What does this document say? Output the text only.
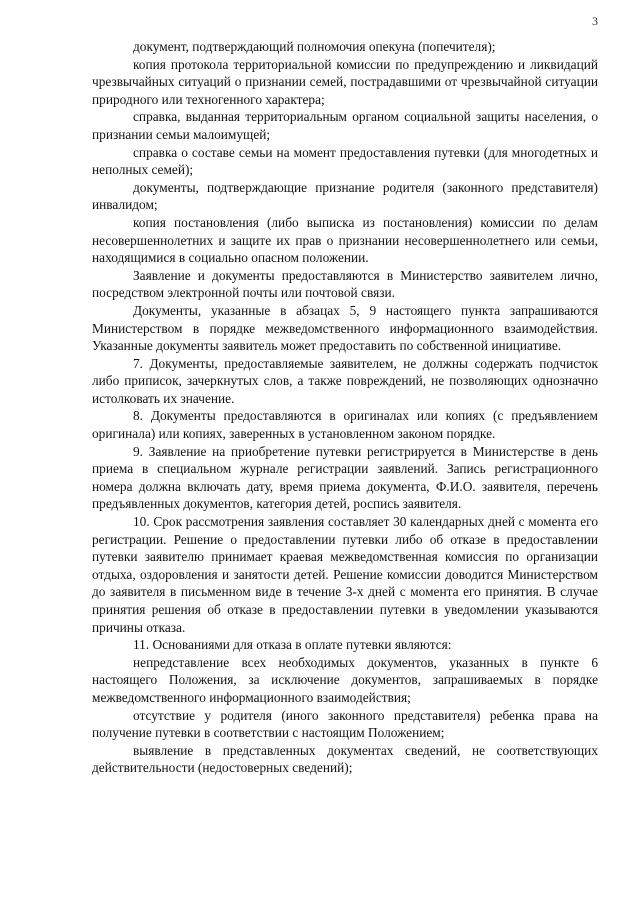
3

документ, подтверждающий полномочия опекуна (попечителя);

копия протокола территориальной комиссии по предупреждению и ликвидаций чрезвычайных ситуаций о признании семей, пострадавшими от чрезвычайной ситуации природного или техногенного характера;

справка, выданная территориальным органом социальной защиты населения, о признании семьи малоимущей;

справка о составе семьи на момент предоставления путевки (для многодетных и неполных семей);

документы, подтверждающие признание родителя (законного представителя) инвалидом;

копия постановления (либо выписка из постановления) комиссии по делам несовершеннолетних и защите их прав о признании несовершеннолетнего или семьи, находящимися в социально опасном положении.

Заявление и документы предоставляются в Министерство заявителем лично, посредством электронной почты или почтовой связи.

Документы, указанные в абзацах 5, 9 настоящего пункта запрашиваются Министерством в порядке межведомственного информационного взаимодействия. Указанные документы заявитель может предоставить по собственной инициативе.

7. Документы, предоставляемые заявителем, не должны содержать подчисток либо приписок, зачеркнутых слов, а также повреждений, не позволяющих однозначно истолковать их значение.

8. Документы предоставляются в оригиналах или копиях (с предъявлением оригинала) или копиях, заверенных в установленном законом порядке.

9. Заявление на приобретение путевки регистрируется в Министерстве в день приема в специальном журнале регистрации заявлений. Запись регистрационного номера должна включать дату, время приема документа, Ф.И.О. заявителя, перечень предъявленных документов, категория детей, роспись заявителя.

10. Срок рассмотрения заявления составляет 30 календарных дней с момента его регистрации. Решение о предоставлении путевки либо об отказе в предоставлении путевки заявителю принимает краевая межведомственная комиссия по организации отдыха, оздоровления и занятости детей. Решение комиссии доводится Министерством до заявителя в письменном виде в течение 3-х дней с момента его принятия. В случае принятия решения об отказе в предоставлении путевки в уведомлении указываются причины отказа.

11. Основаниями для отказа в оплате путевки являются:

непредставление всех необходимых документов, указанных в пункте 6 настоящего Положения, за исключение документов, запрашиваемых в порядке межведомственного информационного взаимодействия;

отсутствие у родителя (иного законного представителя) ребенка права на получение путевки в соответствии с настоящим Положением;

выявление в представленных документах сведений, не соответствующих действительности (недостоверных сведений);
